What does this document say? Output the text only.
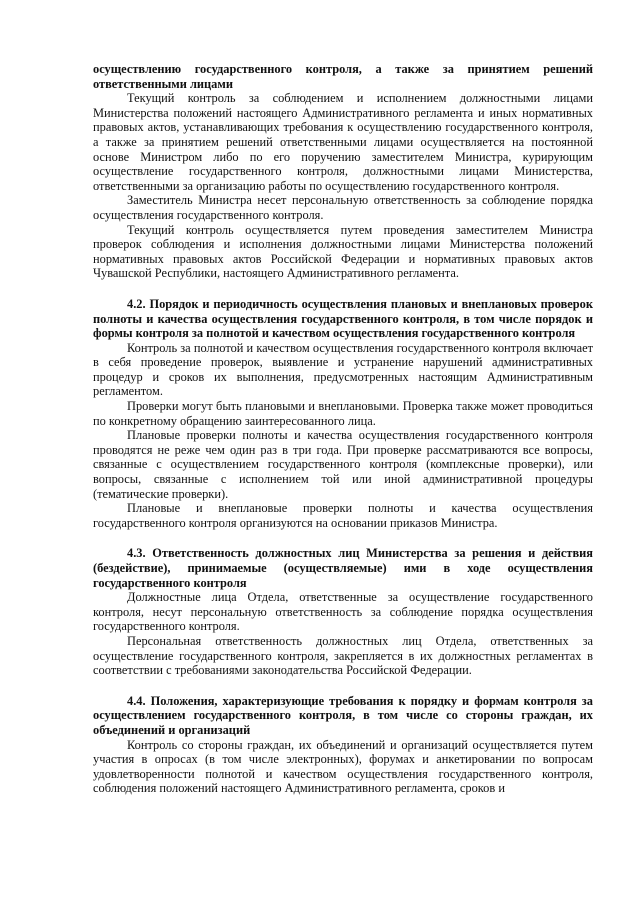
осуществлению государственного контроля, а также за принятием решений ответственными лицами

Текущий контроль за соблюдением и исполнением должностными лицами Министерства положений настоящего Административного регламента и иных нормативных правовых актов, устанавливающих требования к осуществлению государственного контроля, а также за принятием решений ответственными лицами осуществляется на постоянной основе Министром либо по его поручению заместителем Министра, курирующим осуществление государственного контроля, должностными лицами Министерства, ответственными за организацию работы по осуществлению государственного контроля.

Заместитель Министра несет персональную ответственность за соблюдение порядка осуществления государственного контроля.

Текущий контроль осуществляется путем проведения заместителем Министра проверок соблюдения и исполнения должностными лицами Министерства положений нормативных правовых актов Российской Федерации и нормативных правовых актов Чувашской Республики, настоящего Административного регламента.

4.2. Порядок и периодичность осуществления плановых и внеплановых проверок полноты и качества осуществления государственного контроля, в том числе порядок и формы контроля за полнотой и качеством осуществления государственного контроля

Контроль за полнотой и качеством осуществления государственного контроля включает в себя проведение проверок, выявление и устранение нарушений административных процедур и сроков их выполнения, предусмотренных настоящим Административным регламентом.

Проверки могут быть плановыми и внеплановыми. Проверка также может проводиться по конкретному обращению заинтересованного лица.

Плановые проверки полноты и качества осуществления государственного контроля проводятся не реже чем один раз в три года. При проверке рассматриваются все вопросы, связанные с осуществлением государственного контроля (комплексные проверки), или вопросы, связанные с исполнением той или иной административной процедуры (тематические проверки).

Плановые и внеплановые проверки полноты и качества осуществления государственного контроля организуются на основании приказов Министра.

4.3. Ответственность должностных лиц Министерства за решения и действия (бездействие), принимаемые (осуществляемые) ими в ходе осуществления государственного контроля

Должностные лица Отдела, ответственные за осуществление государственного контроля, несут персональную ответственность за соблюдение порядка осуществления государственного контроля.

Персональная ответственность должностных лиц Отдела, ответственных за осуществление государственного контроля, закрепляется в их должностных регламентах в соответствии с требованиями законодательства Российской Федерации.

4.4. Положения, характеризующие требования к порядку и формам контроля за осуществлением государственного контроля, в том числе со стороны граждан, их объединений и организаций

Контроль со стороны граждан, их объединений и организаций осуществляется путем участия в опросах (в том числе электронных), форумах и анкетировании по вопросам удовлетворенности полнотой и качеством осуществления государственного контроля, соблюдения положений настоящего Административного регламента, сроков и
